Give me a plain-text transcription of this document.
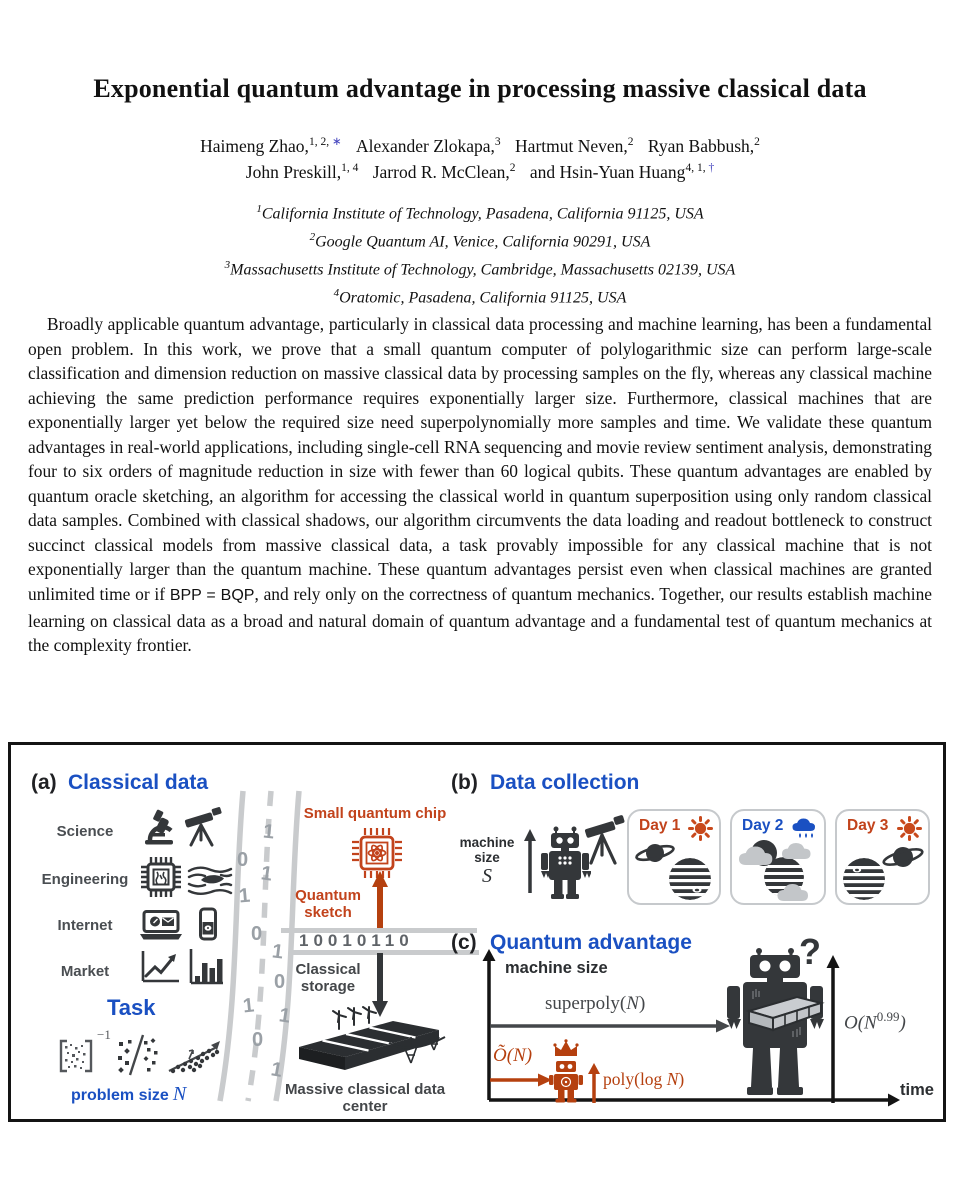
Exponential quantum advantage in processing massive classical data
Haimeng Zhao,$^{1, 2,}$ ∗ Alexander Zlokapa,$^3$ Hartmut Neven,$^2$ Ryan Babbush,$^2$
John Preskill,$^{1, 4}$ Jarrod R. McClean,$^2$ and Hsin-Yuan Huang$^{4, 1,}$ †
$^1$California Institute of Technology, Pasadena, California 91125, USA
$^2$Google Quantum AI, Venice, California 90291, USA
$^3$Massachusetts Institute of Technology, Cambridge, Massachusetts 02139, USA
$^4$Oratomic, Pasadena, California 91125, USA

Broadly applicable quantum advantage, particularly in classical data processing and machine learning, has been a fundamental open problem. In this work, we prove that a small quantum computer of polylogarithmic size can perform large-scale classification and dimension reduction on massive classical data by processing samples on the fly, whereas any classical machine achieving the same prediction performance requires exponentially larger size. Furthermore, classical machines that are exponentially larger yet below the required size need superpolynomially more samples and time. We validate these quantum advantages in real-world applications, including single-cell RNA sequencing and movie review sentiment analysis, demonstrating four to six orders of magnitude reduction in size with fewer than 60 logical qubits. These quantum advantages are enabled by quantum oracle sketching, an algorithm for accessing the classical world in quantum superposition using only random classical data samples. Combined with classical shadows, our algorithm circumvents the data loading and readout bottleneck to construct succinct classical models from massive classical data, a task provably impossible for any classical machine that is not exponentially larger than the quantum machine. These quantum advantages persist even when classical machines are granted unlimited time or if BPP = BQP, and rely only on the correctness of quantum mechanics. Together, our results establish machine learning on classical data as a broad and natural domain of quantum advantage and a fundamental test of quantum mechanics at the complexity frontier.

(a) Classical data
Science
Engineering
Internet
Market
Task
−1
problem size N
1
0
1
1
0
1
0
1 1
0
1
Small quantum chip
Quantum sketch
10010110
Classical storage
Massive classical data center
(b) Data collection
machine
size
S
Day 1	Day 2	Day 3
(c) Quantum advantage
machine size
time
superpoly(N)
?
$O(N^{0.99})$
Õ(N)
poly(log N)
